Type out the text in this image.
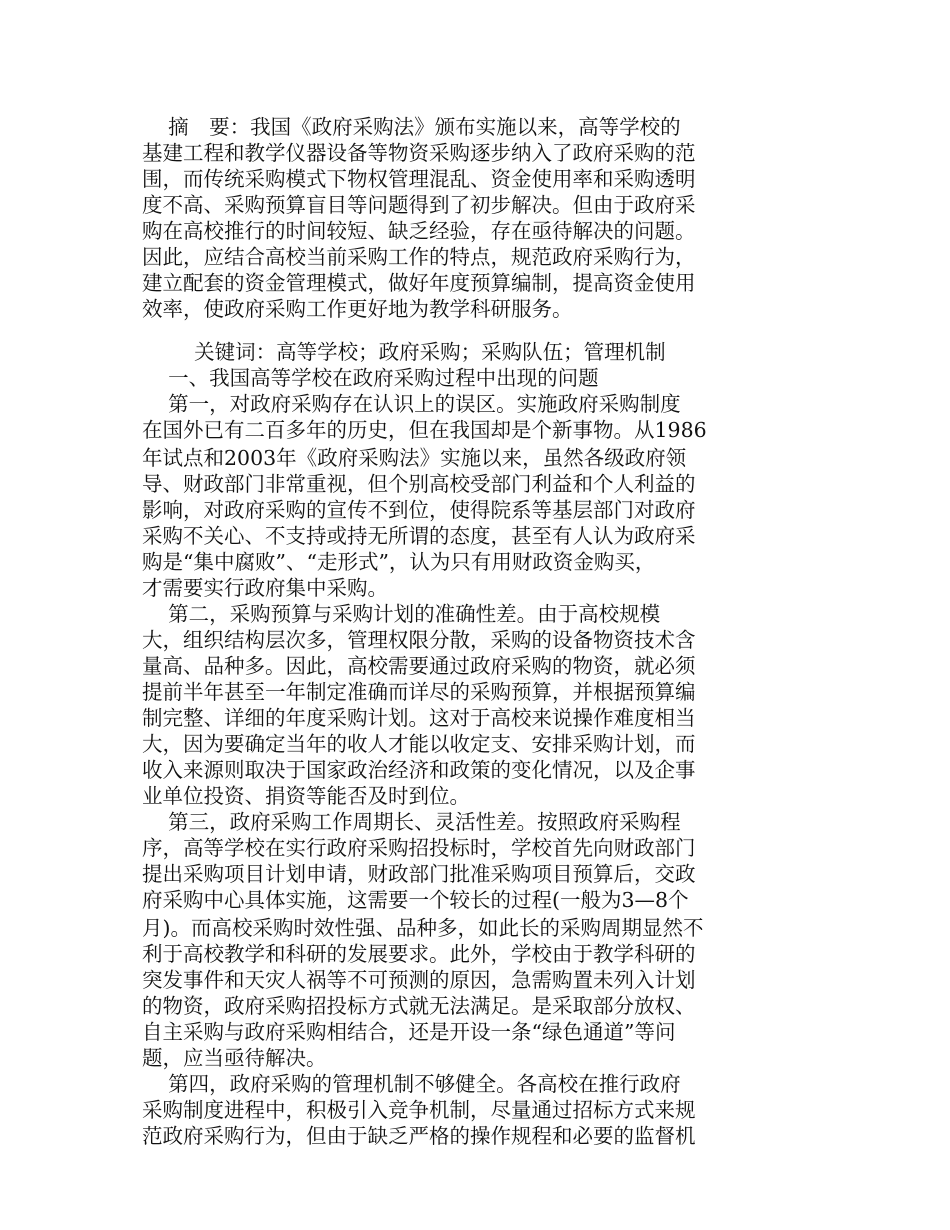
摘　要：我国《政府采购法》颁布实施以来，高等学校的
基建工程和教学仪器设备等物资采购逐步纳入了政府采购的范
围，而传统采购模式下物权管理混乱、资金使用率和采购透明
度不高、采购预算盲目等问题得到了初步解决。但由于政府采
购在高校推行的时间较短、缺乏经验，存在亟待解决的问题。
因此，应结合高校当前采购工作的特点，规范政府采购行为，
建立配套的资金管理模式，做好年度预算编制，提高资金使用
效率，使政府采购工作更好地为教学科研服务。
关键词：高等学校；政府采购；采购队伍；管理机制
一、我国高等学校在政府采购过程中出现的问题
第一，对政府采购存在认识上的误区。实施政府采购制度
在国外已有二百多年的历史，但在我国却是个新事物。从1986
年试点和2003年《政府采购法》实施以来，虽然各级政府领
导、财政部门非常重视，但个别高校受部门利益和个人利益的
影响，对政府采购的宣传不到位，使得院系等基层部门对政府
采购不关心、不支持或持无所谓的态度，甚至有人认为政府采
购是“集中腐败”、“走形式”，认为只有用财政资金购买，
才需要实行政府集中采购。
第二，采购预算与采购计划的准确性差。由于高校规模
大，组织结构层次多，管理权限分散，采购的设备物资技术含
量高、品种多。因此，高校需要通过政府采购的物资，就必须
提前半年甚至一年制定准确而详尽的采购预算，并根据预算编
制完整、详细的年度采购计划。这对于高校来说操作难度相当
大，因为要确定当年的收人才能以收定支、安排采购计划，而
收入来源则取决于国家政治经济和政策的变化情况，以及企事
业单位投资、捐资等能否及时到位。
第三，政府采购工作周期长、灵活性差。按照政府采购程
序，高等学校在实行政府采购招投标时，学校首先向财政部门
提出采购项目计划申请，财政部门批准采购项目预算后，交政
府采购中心具体实施，这需要一个较长的过程(一般为3—8个
月)。而高校采购时效性强、品种多，如此长的采购周期显然不
利于高校教学和科研的发展要求。此外，学校由于教学科研的
突发事件和天灾人祸等不可预测的原因，急需购置未列入计划
的物资，政府采购招投标方式就无法满足。是采取部分放权、
自主采购与政府采购相结合，还是开设一条“绿色通道”等问
题，应当亟待解决。
第四，政府采购的管理机制不够健全。各高校在推行政府
采购制度进程中，积极引入竞争机制，尽量通过招标方式来规
范政府采购行为，但由于缺乏严格的操作规程和必要的监督机
